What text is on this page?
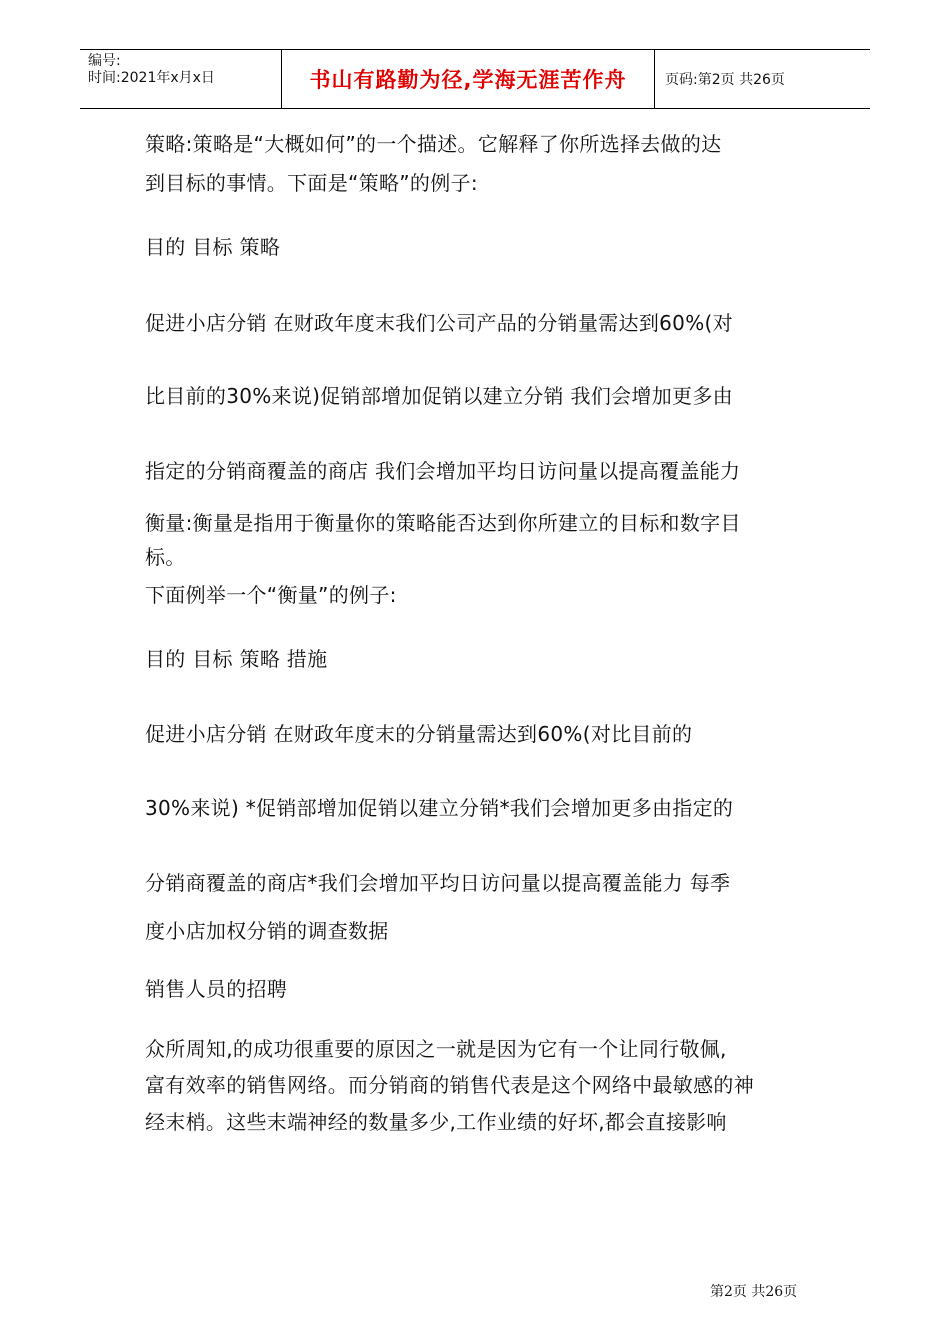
编号:
时间:2021年x月x日	书山有路勤为径,学海无涯苦作舟	页码:第2页 共26页

策略:策略是“大概如何”的一个描述。它解释了你所选择去做的达

到目标的事情。下面是“策略”的例子:

目的 目标 策略

促进小店分销 在财政年度末我们公司产品的分销量需达到60%(对

比目前的30%来说)促销部增加促销以建立分销 我们会增加更多由

指定的分销商覆盖的商店 我们会增加平均日访问量以提高覆盖能力

衡量:衡量是指用于衡量你的策略能否达到你所建立的目标和数字目

标。

下面例举一个“衡量”的例子:

目的 目标 策略 措施

促进小店分销 在财政年度末的分销量需达到60%(对比目前的

30%来说) *促销部增加促销以建立分销*我们会增加更多由指定的

分销商覆盖的商店*我们会增加平均日访问量以提高覆盖能力 每季

度小店加权分销的调查数据

销售人员的招聘

众所周知,的成功很重要的原因之一就是因为它有一个让同行敬佩,

富有效率的销售网络。而分销商的销售代表是这个网络中最敏感的神

经末梢。这些末端神经的数量多少,工作业绩的好坏,都会直接影响

第2页 共26页
